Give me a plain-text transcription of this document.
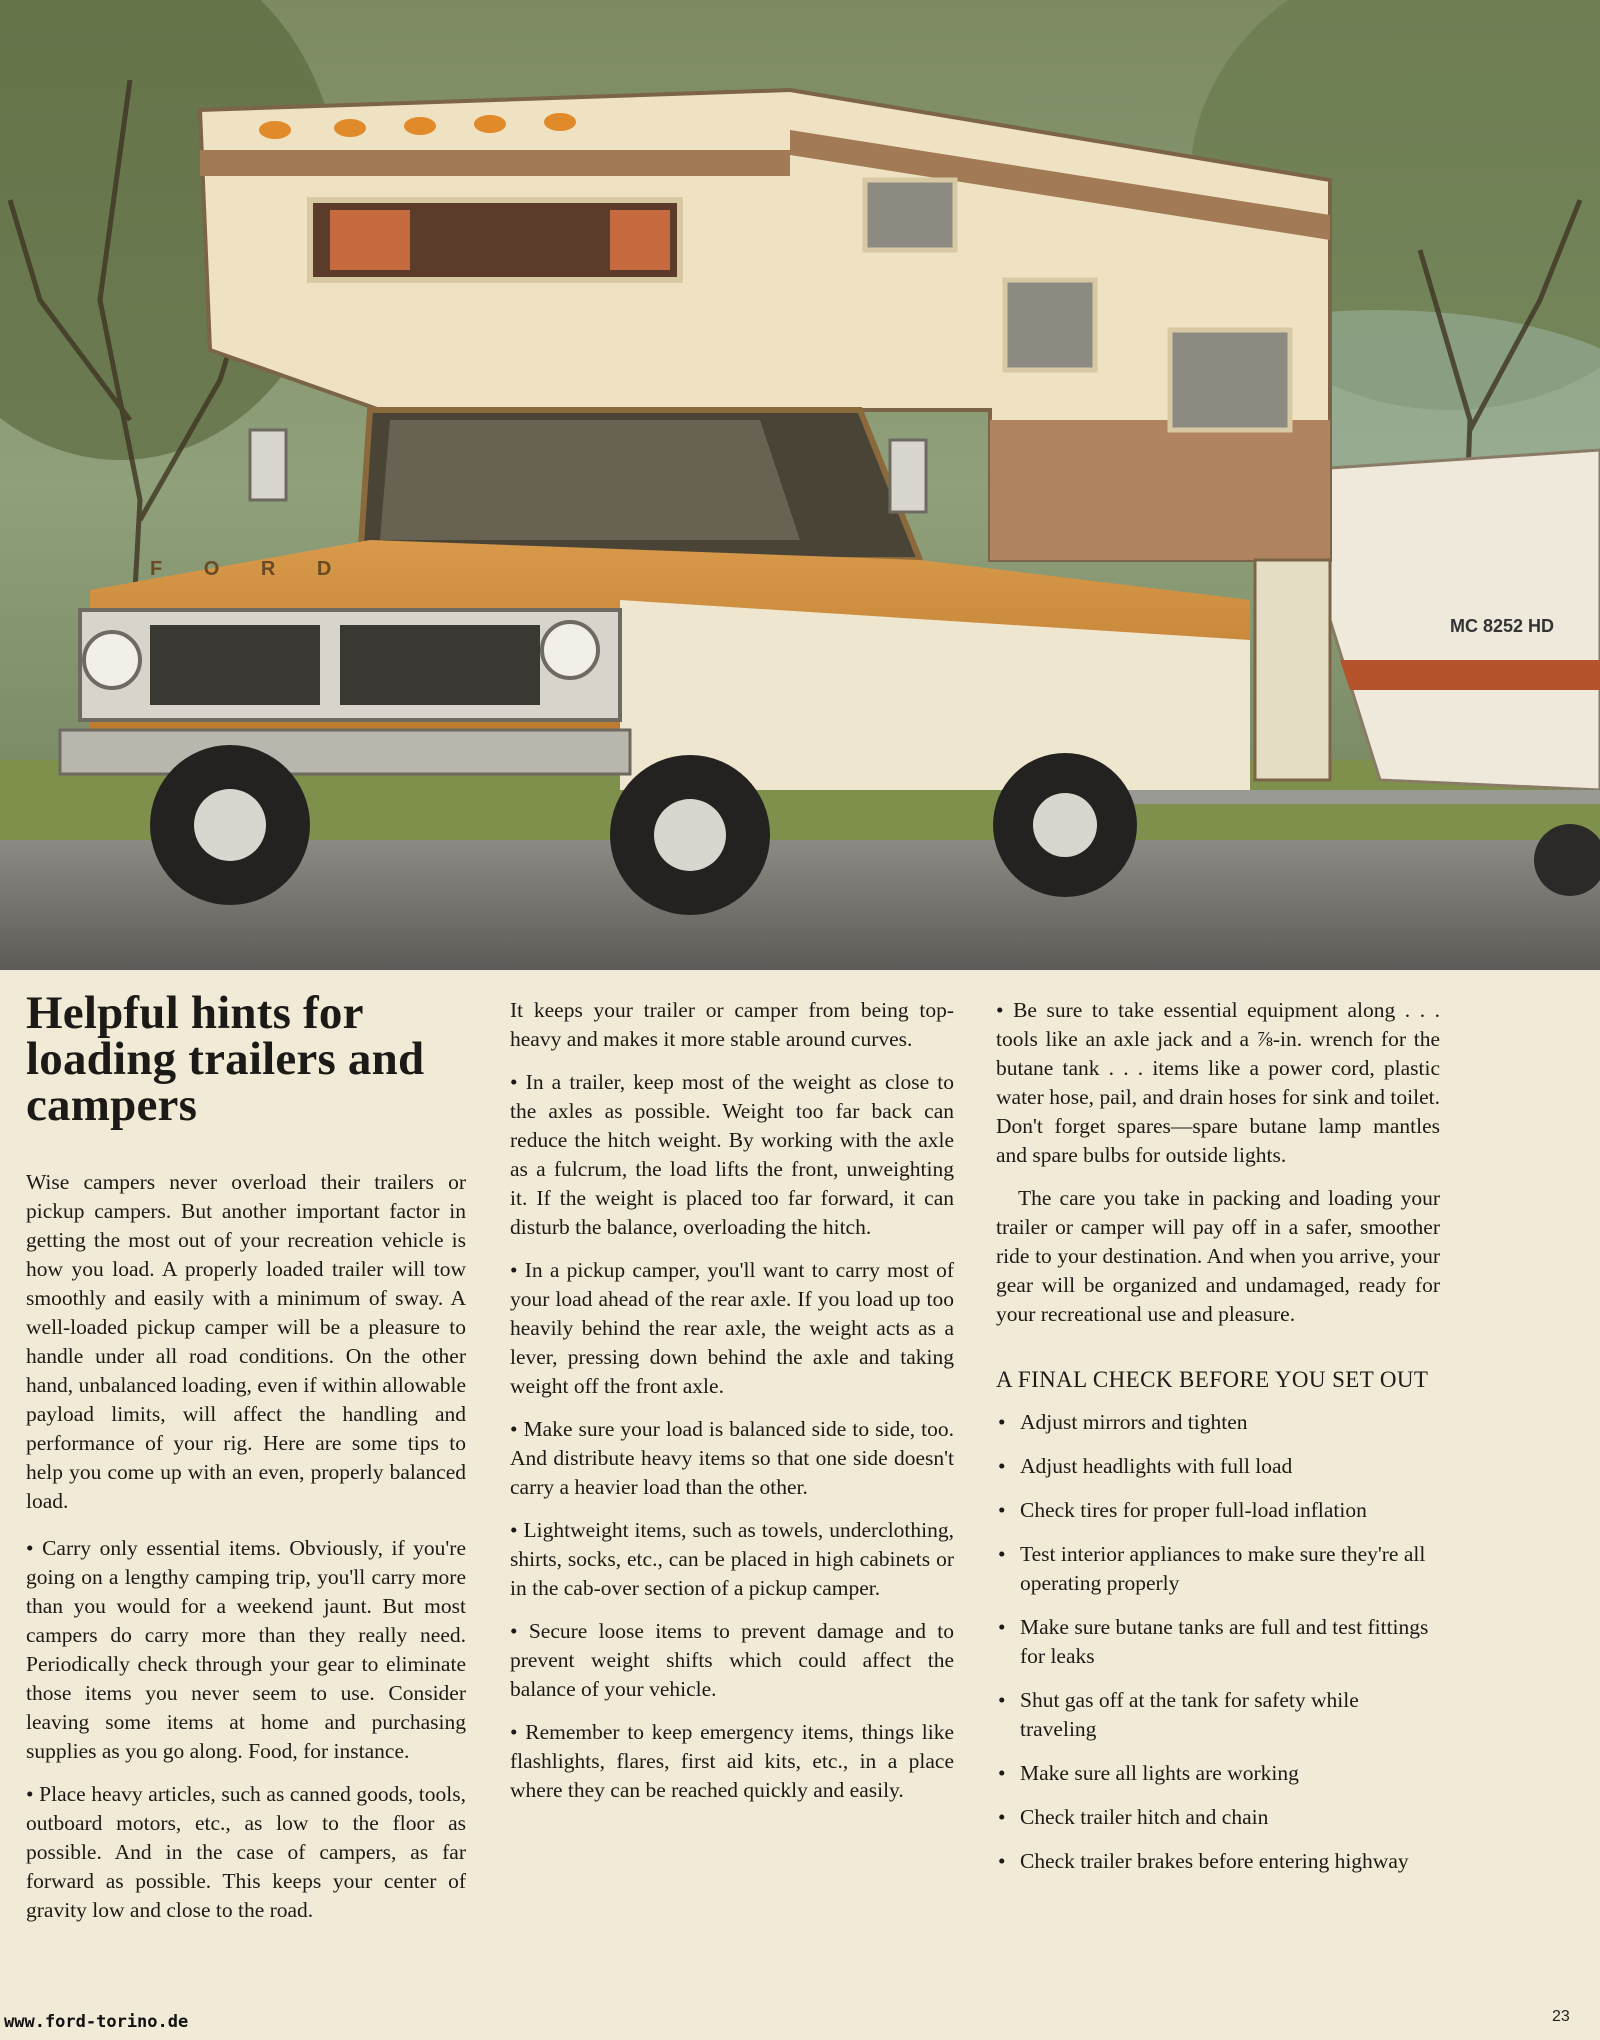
MC 8252 HD
F O R D
Helpful hints for loading trailers and campers

Wise campers never overload their trailers or pickup campers. But another important factor in getting the most out of your recreation vehicle is how you load. A properly loaded trailer will tow smoothly and easily with a minimum of sway. A well-loaded pickup camper will be a pleasure to handle under all road conditions. On the other hand, unbalanced loading, even if within allowable payload limits, will affect the handling and performance of your rig. Here are some tips to help you come up with an even, properly balanced load.

• Carry only essential items. Obviously, if you're going on a lengthy camping trip, you'll carry more than you would for a weekend jaunt. But most campers do carry more than they really need. Periodically check through your gear to eliminate those items you never seem to use. Consider leaving some items at home and purchasing supplies as you go along. Food, for instance.

• Place heavy articles, such as canned goods, tools, outboard motors, etc., as low to the floor as possible. And in the case of campers, as far forward as possible. This keeps your center of gravity low and close to the road.

It keeps your trailer or camper from being top-heavy and makes it more stable around curves.

• In a trailer, keep most of the weight as close to the axles as possible. Weight too far back can reduce the hitch weight. By working with the axle as a fulcrum, the load lifts the front, unweighting it. If the weight is placed too far forward, it can disturb the balance, overloading the hitch.

• In a pickup camper, you'll want to carry most of your load ahead of the rear axle. If you load up too heavily behind the rear axle, the weight acts as a lever, pressing down behind the axle and taking weight off the front axle.

• Make sure your load is balanced side to side, too. And distribute heavy items so that one side doesn't carry a heavier load than the other.

• Lightweight items, such as towels, underclothing, shirts, socks, etc., can be placed in high cabinets or in the cab-over section of a pickup camper.

• Secure loose items to prevent damage and to prevent weight shifts which could affect the balance of your vehicle.

• Remember to keep emergency items, things like flashlights, flares, first aid kits, etc., in a place where they can be reached quickly and easily.

• Be sure to take essential equipment along . . . tools like an axle jack and a ⅞-in. wrench for the butane tank . . . items like a power cord, plastic water hose, pail, and drain hoses for sink and toilet. Don't forget spares—spare butane lamp mantles and spare bulbs for outside lights.

The care you take in packing and loading your trailer or camper will pay off in a safer, smoother ride to your destination. And when you arrive, your gear will be organized and undamaged, ready for your recreational use and pleasure.

A FINAL CHECK BEFORE YOU SET OUT
• Adjust mirrors and tighten
• Adjust headlights with full load
• Check tires for proper full-load inflation
• Test interior appliances to make sure they're all operating properly
• Make sure butane tanks are full and test fittings for leaks
• Shut gas off at the tank for safety while traveling
• Make sure all lights are working
• Check trailer hitch and chain
• Check trailer brakes before entering highway
www.ford-torino.de	23
